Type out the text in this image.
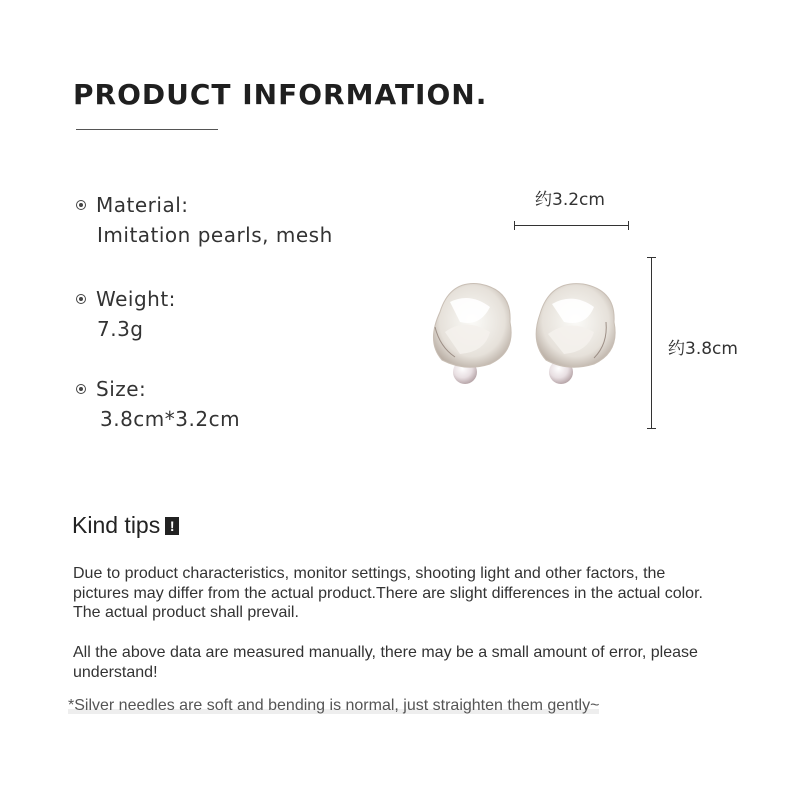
PRODUCT INFORMATION.
Material:
Imitation pearls, mesh
Weight:
7.3g
Size:
3.8cm*3.2cm
约3.2cm
约3.8cm
Kind tips !
Due to product characteristics, monitor settings, shooting light and other factors, the pictures may differ from the actual product.There are slight differences in the actual color. The actual product shall prevail.
All the above data are measured manually, there may be a small amount of error, please understand!
*Silver needles are soft and bending is normal, just straighten them gently~
